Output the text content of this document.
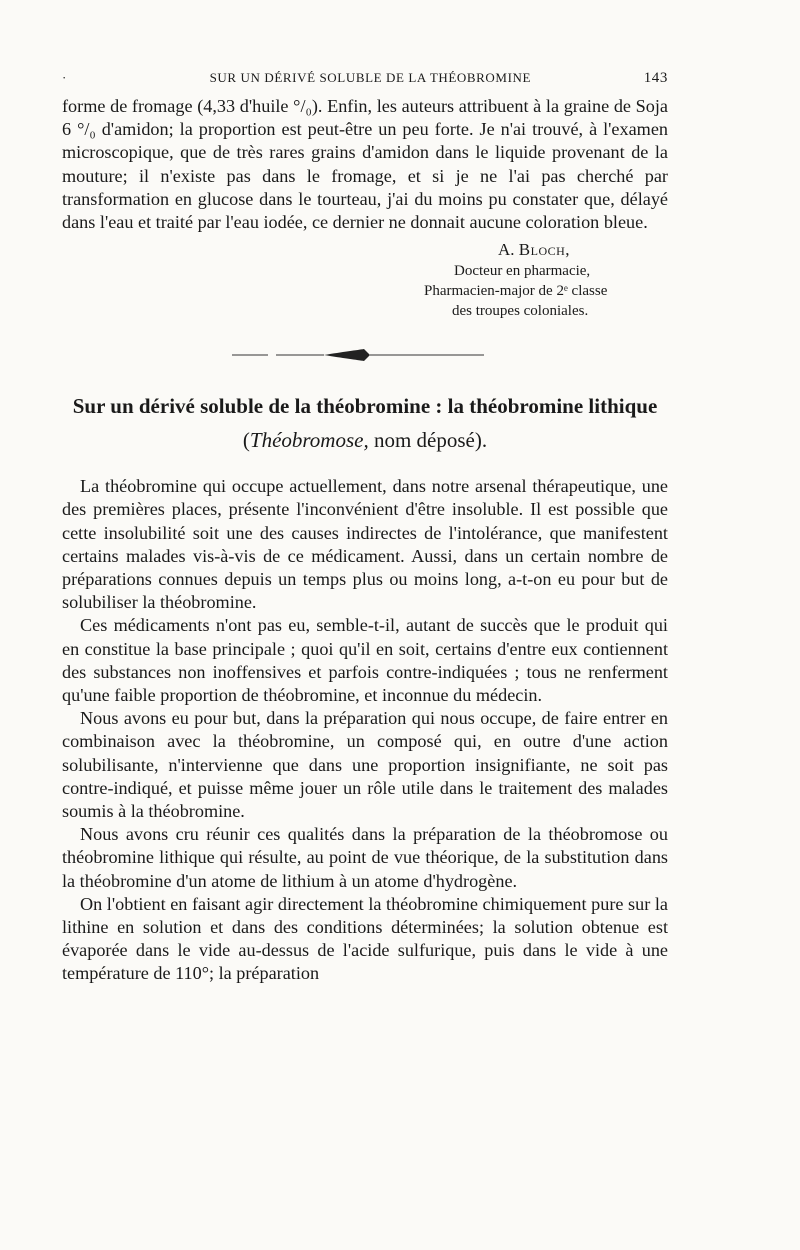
·	SUR UN DÉRIVÉ SOLUBLE DE LA THÉOBROMINE	143

forme de fromage (4,33 d'huile °/₀). Enfin, les auteurs attribuent à la graine de Soja 6 °/₀ d'amidon; la proportion est peut-être un peu forte. Je n'ai trouvé, à l'examen microscopique, que de très rares grains d'amidon dans le liquide provenant de la mouture; il n'existe pas dans le fromage, et si je ne l'ai pas cherché par transformation en glucose dans le tourteau, j'ai du moins pu constater que, délayé dans l'eau et traité par l'eau iodée, ce dernier ne donnait aucune coloration bleue.

A. Bloch,
Docteur en pharmacie,
Pharmacien-major de 2ᵉ classe
des troupes coloniales.
Sur un dérivé soluble de la théobromine : la théobromine lithique (Théobromose, nom déposé).

La théobromine qui occupe actuellement, dans notre arsenal thérapeutique, une des premières places, présente l'inconvénient d'être insoluble. Il est possible que cette insolubilité soit une des causes indirectes de l'intolérance, que manifestent certains malades vis-à-vis de ce médicament. Aussi, dans un certain nombre de préparations connues depuis un temps plus ou moins long, a-t-on eu pour but de solubiliser la théobromine.

Ces médicaments n'ont pas eu, semble-t-il, autant de succès que le produit qui en constitue la base principale ; quoi qu'il en soit, certains d'entre eux contiennent des substances non inoffensives et parfois contre-indiquées ; tous ne renferment qu'une faible proportion de théobromine, et inconnue du médecin.

Nous avons eu pour but, dans la préparation qui nous occupe, de faire entrer en combinaison avec la théobromine, un composé qui, en outre d'une action solubilisante, n'intervienne que dans une proportion insignifiante, ne soit pas contre-indiqué, et puisse même jouer un rôle utile dans le traitement des malades soumis à la théobromine.

Nous avons cru réunir ces qualités dans la préparation de la théobromose ou théobromine lithique qui résulte, au point de vue théorique, de la substitution dans la théobromine d'un atome de lithium à un atome d'hydrogène.

On l'obtient en faisant agir directement la théobromine chimiquement pure sur la lithine en solution et dans des conditions déterminées; la solution obtenue est évaporée dans le vide au-dessus de l'acide sulfurique, puis dans le vide à une température de 110°; la préparation
